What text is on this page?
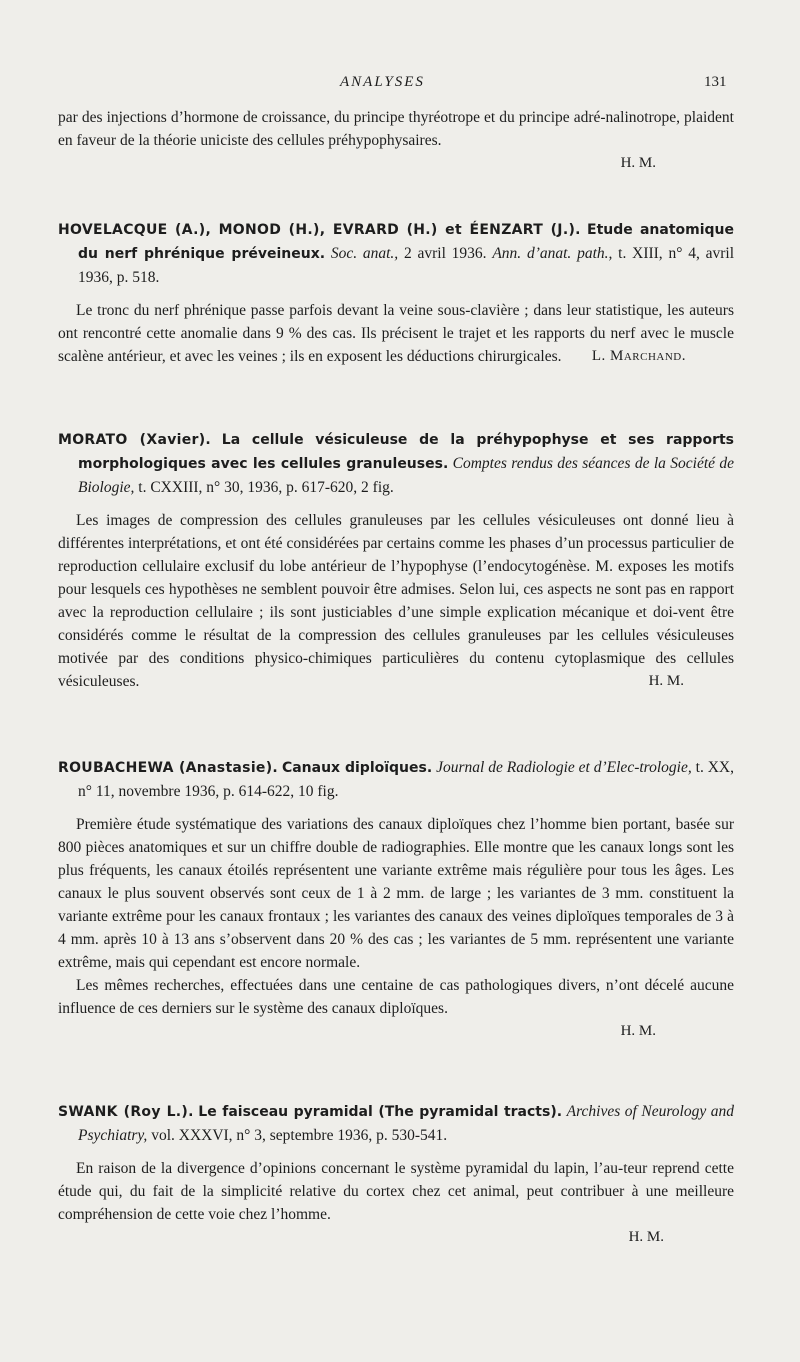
ANALYSES	131

par des injections d’hormone de croissance, du principe thyréotrope et du principe adré-nalinotrope, plaident en faveur de la théorie uniciste des cellules préhypophysaires.

H. M.

HOVELACQUE (A.), MONOD (H.), EVRARD (H.) et ÉENZART (J.). Etude anatomique du nerf phrénique préveineux. Soc. anat., 2 avril 1936. Ann. d’anat. path., t. XIII, n° 4, avril 1936, p. 518.

Le tronc du nerf phrénique passe parfois devant la veine sous-clavière ; dans leur statistique, les auteurs ont rencontré cette anomalie dans 9 % des cas. Ils précisent le trajet et les rapports du nerf avec le muscle scalène antérieur, et avec les veines ; ils en exposent les déductions chirurgicales.	L. Marchand.

MORATO (Xavier). La cellule vésiculeuse de la préhypophyse et ses rapports morphologiques avec les cellules granuleuses. Comptes rendus des séances de la Société de Biologie, t. CXXIII, n° 30, 1936, p. 617-620, 2 fig.

Les images de compression des cellules granuleuses par les cellules vésiculeuses ont donné lieu à différentes interprétations, et ont été considérées par certains comme les phases d’un processus particulier de reproduction cellulaire exclusif du lobe antérieur de l’hypophyse (l’endocytogénèse. M. exposes les motifs pour lesquels ces hypothèses ne semblent pouvoir être admises. Selon lui, ces aspects ne sont pas en rapport avec la reproduction cellulaire ; ils sont justiciables d’une simple explication mécanique et doi-vent être considérés comme le résultat de la compression des cellules granuleuses par les cellules vésiculeuses motivée par des conditions physico-chimiques particulières du contenu cytoplasmique des cellules vésiculeuses.	H. M.

ROUBACHEWA (Anastasie). Canaux diploïques. Journal de Radiologie et d’Elec-trologie, t. XX, n° 11, novembre 1936, p. 614-622, 10 fig.

Première étude systématique des variations des canaux diploïques chez l’homme bien portant, basée sur 800 pièces anatomiques et sur un chiffre double de radiographies. Elle montre que les canaux longs sont les plus fréquents, les canaux étoilés représentent une variante extrême mais régulière pour tous les âges. Les canaux le plus souvent observés sont ceux de 1 à 2 mm. de large ; les variantes de 3 mm. constituent la variante extrême pour les canaux frontaux ; les variantes des canaux des veines diploïques temporales de 3 à 4 mm. après 10 à 13 ans s’observent dans 20 % des cas ; les variantes de 5 mm. représentent une variante extrême, mais qui cependant est encore normale.

Les mêmes recherches, effectuées dans une centaine de cas pathologiques divers, n’ont décelé aucune influence de ces derniers sur le système des canaux diploïques.

H. M.

SWANK (Roy L.). Le faisceau pyramidal (The pyramidal tracts). Archives of Neurology and Psychiatry, vol. XXXVI, n° 3, septembre 1936, p. 530-541.

En raison de la divergence d’opinions concernant le système pyramidal du lapin, l’au-teur reprend cette étude qui, du fait de la simplicité relative du cortex chez cet animal, peut contribuer à une meilleure compréhension de cette voie chez l’homme.

H. M.
